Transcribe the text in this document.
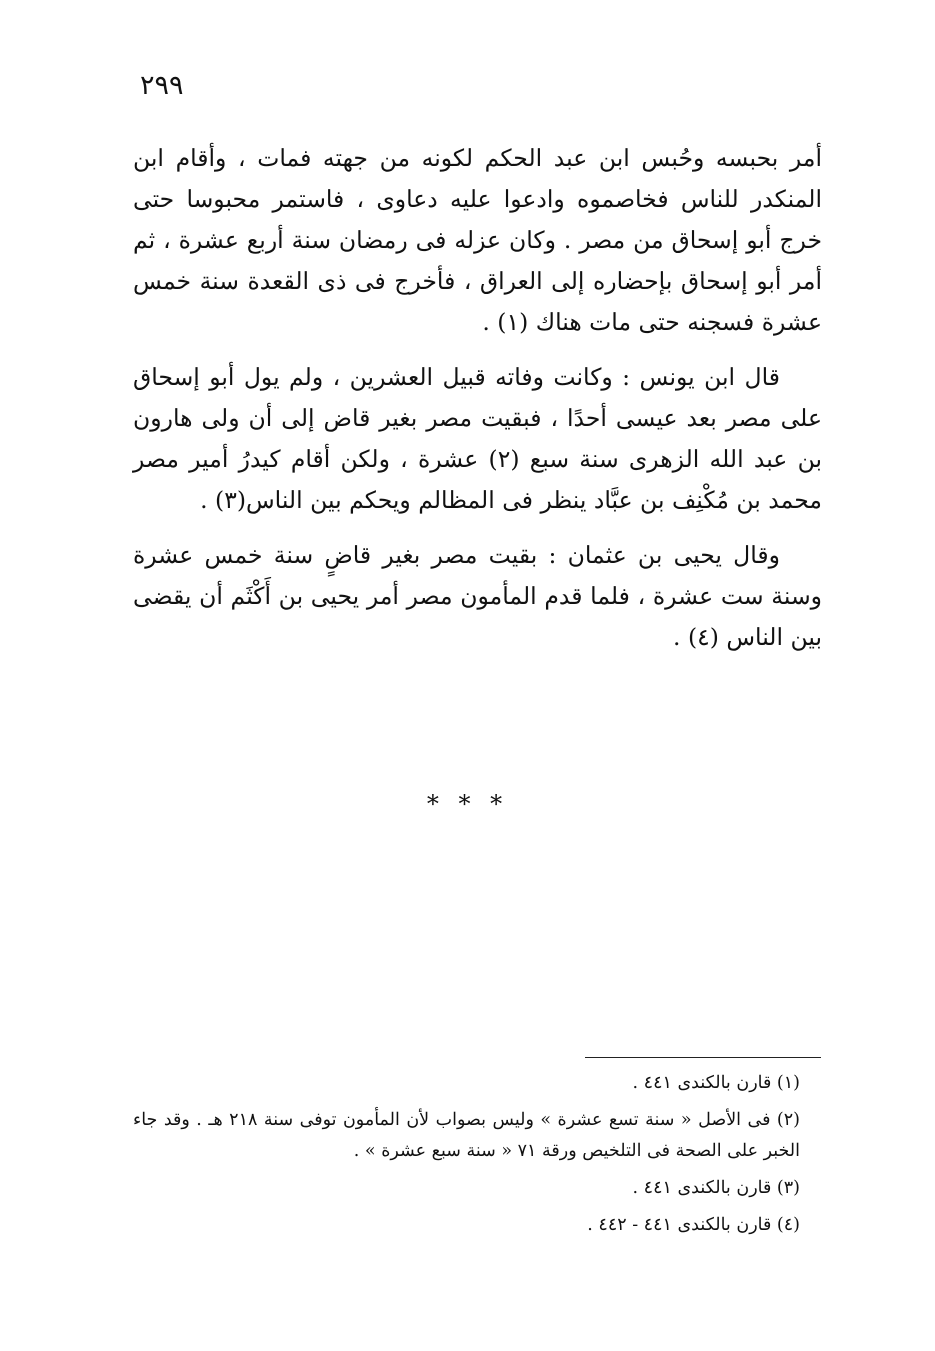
٢٩٩

أمر بحبسه وحُبس ابن عبد الحكم لكونه من جهته فمات ، وأقام ابن المنكدر للناس فخاصموه وادعوا عليه دعاوى ، فاستمر محبوسا حتى خرج أبو إسحاق من مصر . وكان عزله فى رمضان سنة أربع عشرة ، ثم أمر أبو إسحاق بإحضاره إلى العراق ، فأخرج فى ذى القعدة سنة خمس عشرة فسجنه حتى مات هناك (١) .

قال ابن يونس : وكانت وفاته قبيل العشرين ، ولم يول أبو إسحاق على مصر بعد عيسى أحدًا ، فبقيت مصر بغير قاض إلى أن ولى هارون بن عبد الله الزهرى سنة سبع (٢) عشرة ، ولكن أقام كيدرُ أمير مصر محمد بن مُكْنِف بن عبَّاد ينظر فى المظالم ويحكم بين الناس(٣) .

وقال يحيى بن عثمان : بقيت مصر بغير قاضٍ سنة خمس عشرة وسنة ست عشرة ، فلما قدم المأمون مصر أمر يحيى بن أَكْثَم أن يقضى بين الناس (٤) .

* * *
(١) قارن بالكندى ٤٤١ .
(٢) فى الأصل « سنة تسع عشرة » وليس بصواب لأن المأمون توفى سنة ٢١٨ هـ . وقد جاء الخبر على الصحة فى التلخيص ورقة ٧١ « سنة سبع عشرة » .
(٣) قارن بالكندى ٤٤١ .
(٤) قارن بالكندى ٤٤١ - ٤٤٢ .
